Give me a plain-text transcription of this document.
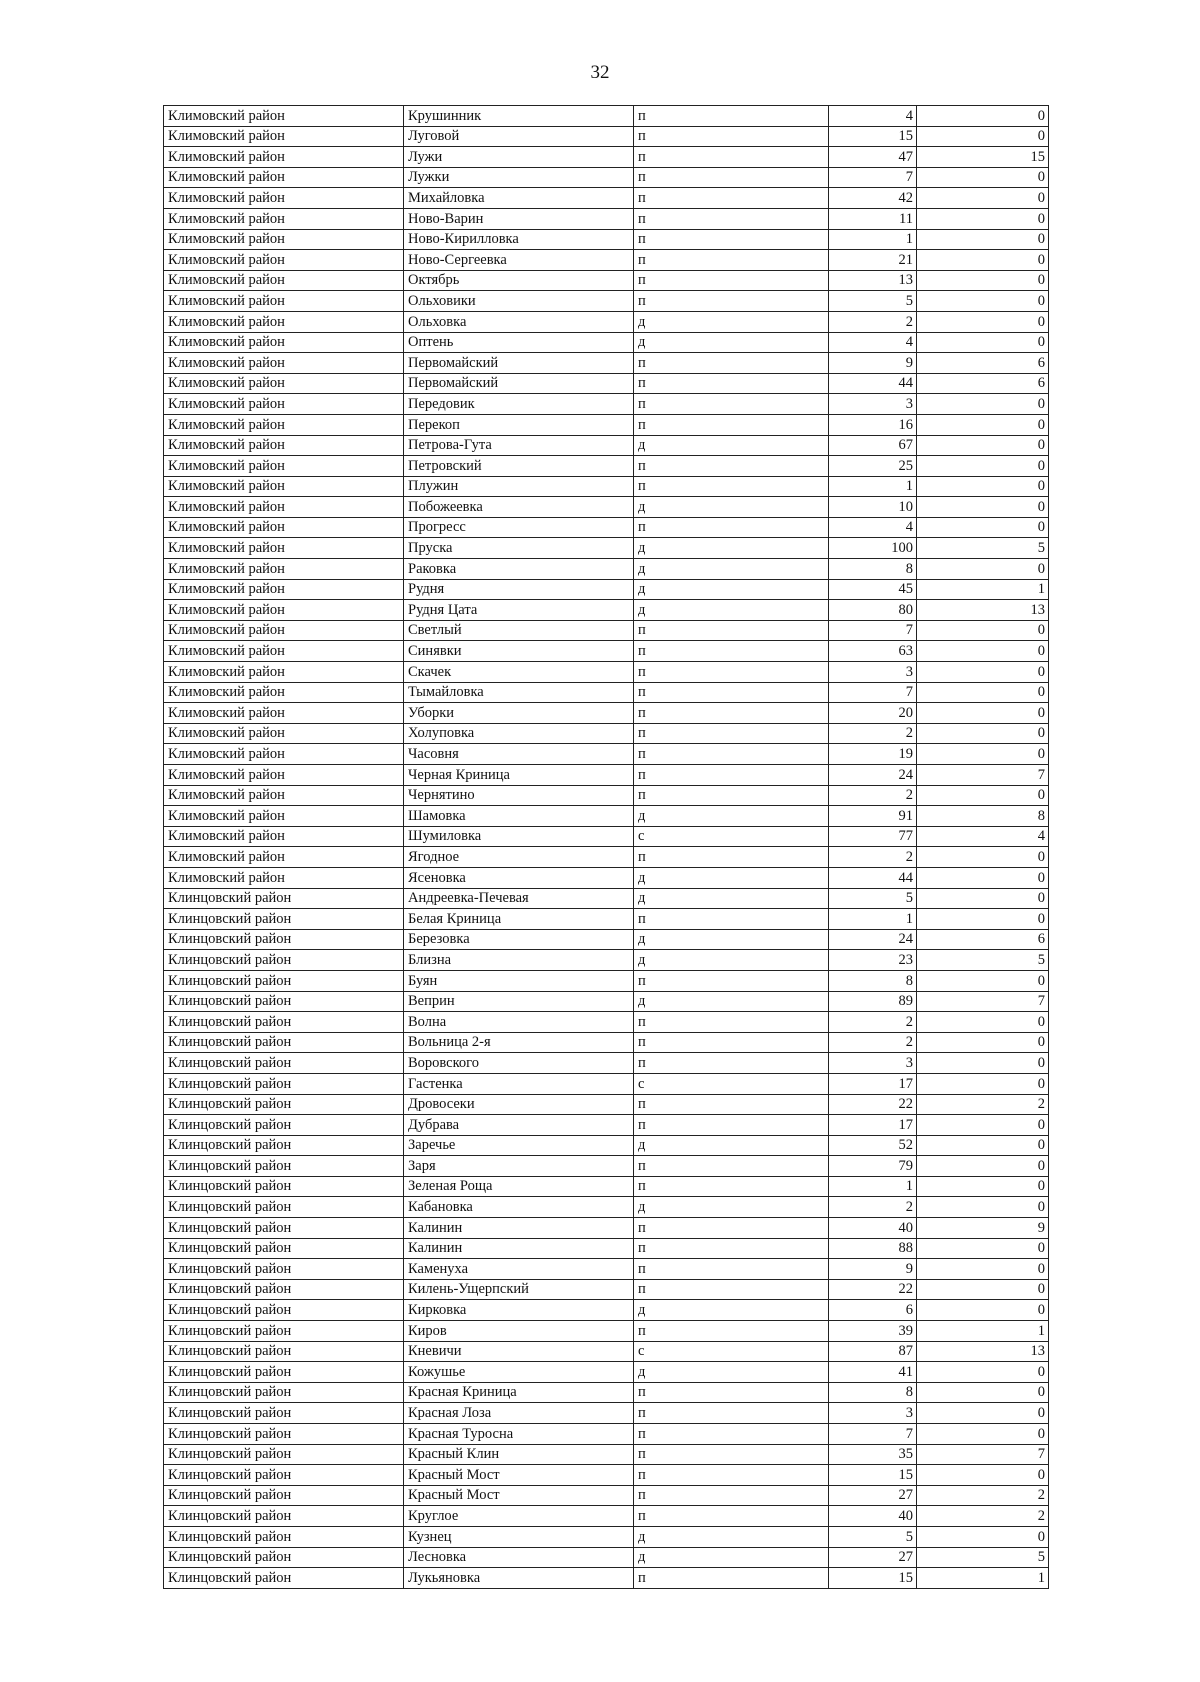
32
Климовский район	Крушинник	п	4	0
Климовский район	Луговой	п	15	0
Климовский район	Лужи	п	47	15
Климовский район	Лужки	п	7	0
Климовский район	Михайловка	п	42	0
Климовский район	Ново-Варин	п	11	0
Климовский район	Ново-Кирилловка	п	1	0
Климовский район	Ново-Сергеевка	п	21	0
Климовский район	Октябрь	п	13	0
Климовский район	Ольховики	п	5	0
Климовский район	Ольховка	д	2	0
Климовский район	Оптень	д	4	0
Климовский район	Первомайский	п	9	6
Климовский район	Первомайский	п	44	6
Климовский район	Передовик	п	3	0
Климовский район	Перекоп	п	16	0
Климовский район	Петрова-Гута	д	67	0
Климовский район	Петровский	п	25	0
Климовский район	Плужин	п	1	0
Климовский район	Побожеевка	д	10	0
Климовский район	Прогресс	п	4	0
Климовский район	Пруска	д	100	5
Климовский район	Раковка	д	8	0
Климовский район	Рудня	д	45	1
Климовский район	Рудня Цата	д	80	13
Климовский район	Светлый	п	7	0
Климовский район	Синявки	п	63	0
Климовский район	Скачек	п	3	0
Климовский район	Тымайловка	п	7	0
Климовский район	Уборки	п	20	0
Климовский район	Холуповка	п	2	0
Климовский район	Часовня	п	19	0
Климовский район	Черная Криница	п	24	7
Климовский район	Чернятино	п	2	0
Климовский район	Шамовка	д	91	8
Климовский район	Шумиловка	с	77	4
Климовский район	Ягодное	п	2	0
Климовский район	Ясеновка	д	44	0
Клинцовский район	Андреевка-Печевая	д	5	0
Клинцовский район	Белая Криница	п	1	0
Клинцовский район	Березовка	д	24	6
Клинцовский район	Близна	д	23	5
Клинцовский район	Буян	п	8	0
Клинцовский район	Веприн	д	89	7
Клинцовский район	Волна	п	2	0
Клинцовский район	Вольница 2-я	п	2	0
Клинцовский район	Воровского	п	3	0
Клинцовский район	Гастенка	с	17	0
Клинцовский район	Дровосеки	п	22	2
Клинцовский район	Дубрава	п	17	0
Клинцовский район	Заречье	д	52	0
Клинцовский район	Заря	п	79	0
Клинцовский район	Зеленая Роща	п	1	0
Клинцовский район	Кабановка	д	2	0
Клинцовский район	Калинин	п	40	9
Клинцовский район	Калинин	п	88	0
Клинцовский район	Каменуха	п	9	0
Клинцовский район	Килень-Ущерпский	п	22	0
Клинцовский район	Кирковка	д	6	0
Клинцовский район	Киров	п	39	1
Клинцовский район	Кневичи	с	87	13
Клинцовский район	Кожушье	д	41	0
Клинцовский район	Красная Криница	п	8	0
Клинцовский район	Красная Лоза	п	3	0
Клинцовский район	Красная Туросна	п	7	0
Клинцовский район	Красный Клин	п	35	7
Клинцовский район	Красный Мост	п	15	0
Клинцовский район	Красный Мост	п	27	2
Клинцовский район	Круглое	п	40	2
Клинцовский район	Кузнец	д	5	0
Клинцовский район	Лесновка	д	27	5
Клинцовский район	Лукьяновка	п	15	1
